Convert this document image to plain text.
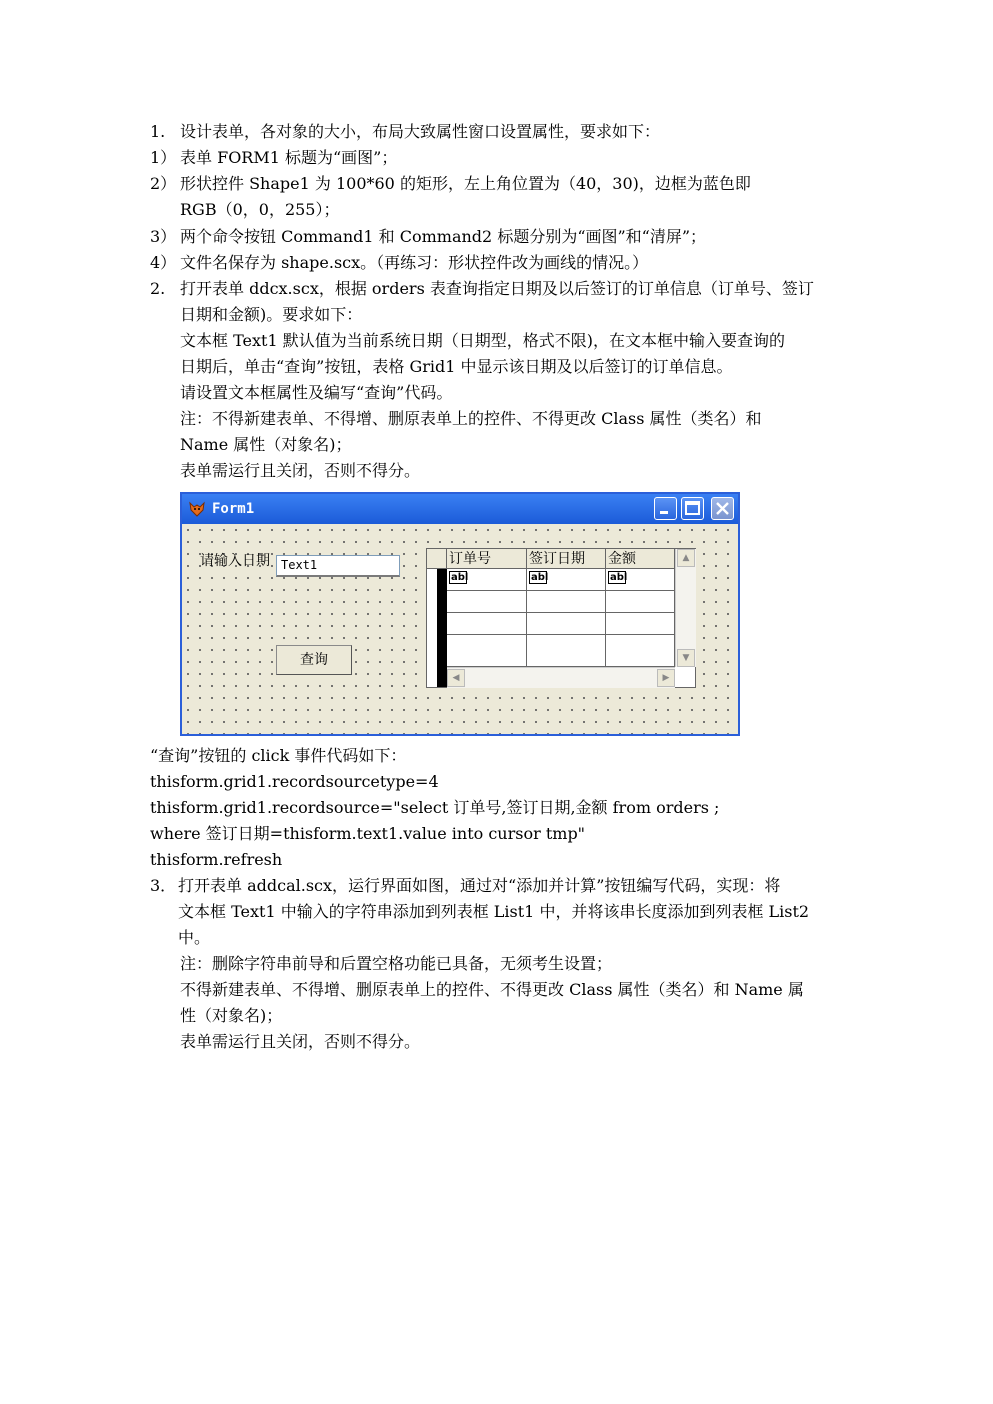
1. 设计表单，各对象的大小，布局大致属性窗口设置属性，要求如下：
1） 表单 FORM1 标题为“画图”；
2） 形状控件 Shape1 为 100*60 的矩形，左上角位置为（40，30)，边框为蓝色即
RGB（0，0，255）；
3） 两个命令按钮 Command1 和 Command2 标题分别为“画图”和“清屏”；
4） 文件名保存为 shape.scx。（再练习：形状控件改为画线的情况。）
2. 打开表单 ddcx.scx，根据 orders 表查询指定日期及以后签订的订单信息（订单号、签订
日期和金额)。要求如下：
文本框 Text1 默认值为当前系统日期（日期型，格式不限)，在文本框中输入要查询的
日期后，单击“查询”按钮，表格 Grid1 中显示该日期及以后签订的订单信息。
请设置文本框属性及编写“查询”代码。
注：不得新建表单、不得增、删原表单上的控件、不得更改 Class 属性（类名）和
Name 属性（对象名)；
表单需运行且关闭，否则不得分。
Form1
请输入日期 Text1
查询
订单号	签订日期	金额
abl	abl	abl
▲
▼
◀	▶
“查询”按钮的 click 事件代码如下：
thisform.grid1.recordsourcetype=4
thisform.grid1.recordsource="select 订单号,签订日期,金额 from orders ;
where 签订日期=thisform.text1.value into cursor tmp"
thisform.refresh
3． 打开表单 addcal.scx，运行界面如图，通过对“添加并计算”按钮编写代码，实现：将
文本框 Text1 中输入的字符串添加到列表框 List1 中，并将该串长度添加到列表框 List2
中。
注：删除字符串前导和后置空格功能已具备，无须考生设置；
不得新建表单、不得增、删原表单上的控件、不得更改 Class 属性（类名）和 Name 属
性（对象名)；
表单需运行且关闭，否则不得分。
